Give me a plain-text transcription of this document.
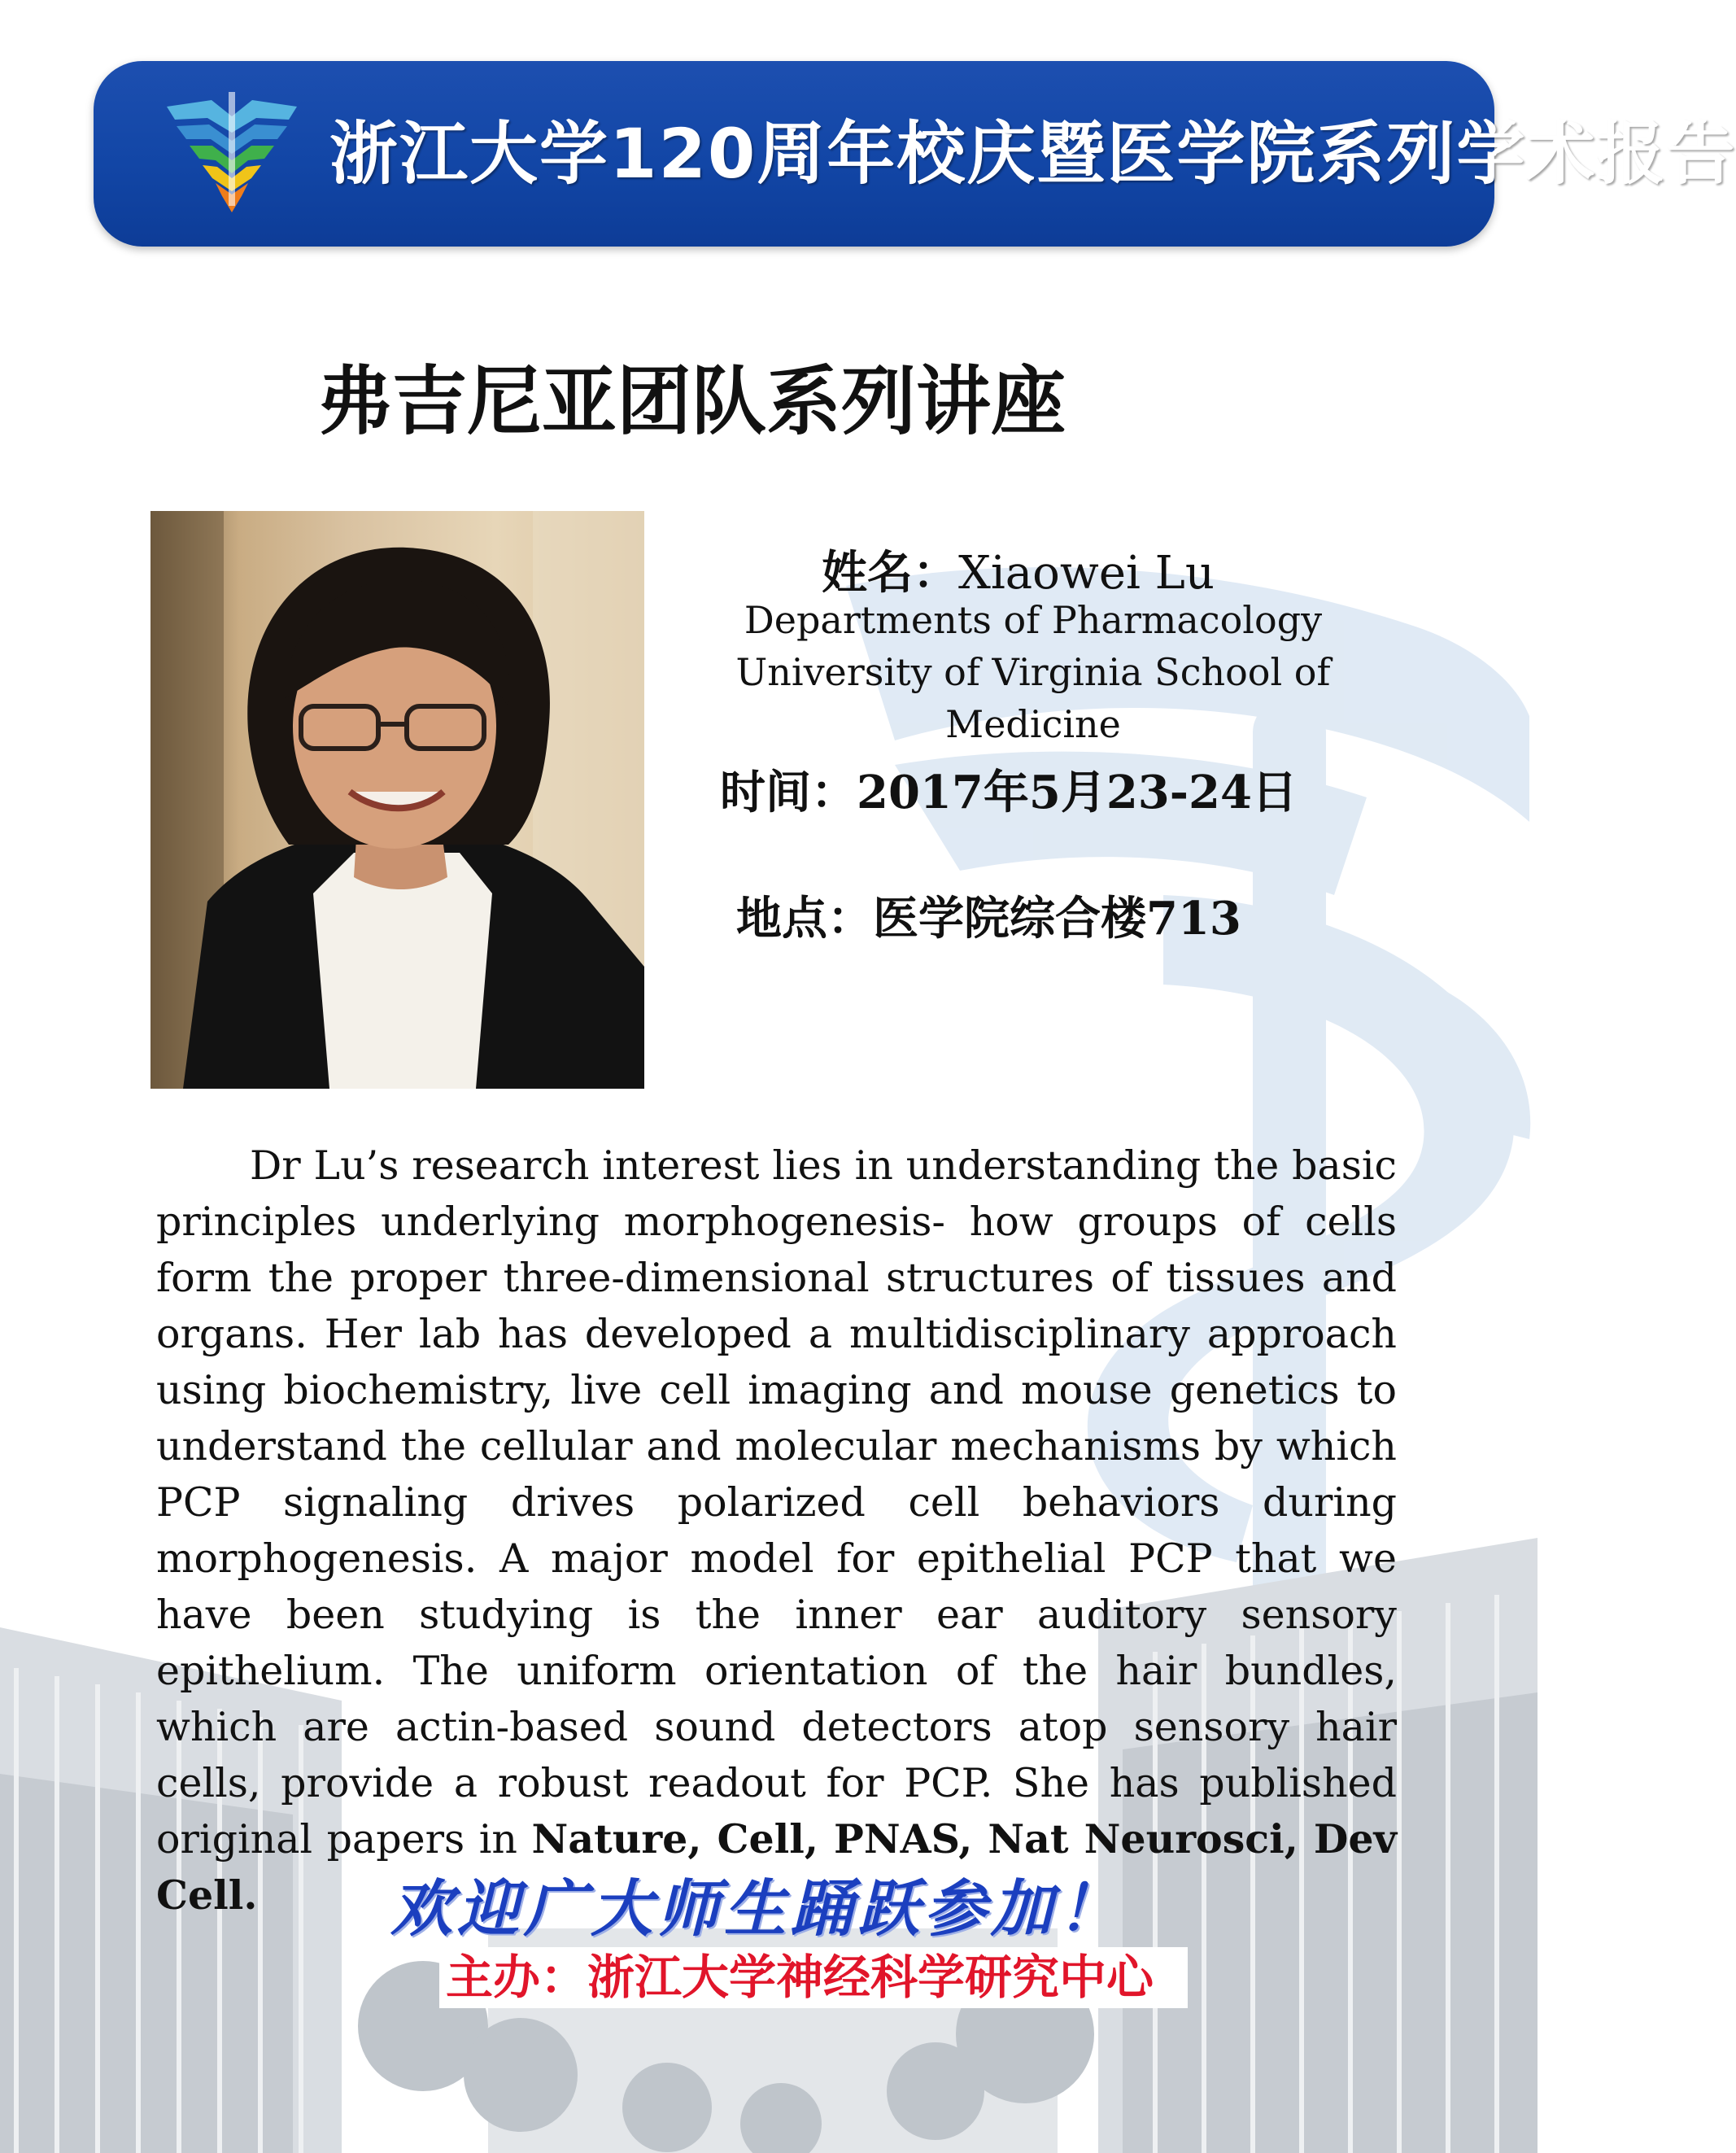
浙江大学120周年校庆暨医学院系列学术报告
弗吉尼亚团队系列讲座
姓名：Xiaowei Lu
Departments of Pharmacology
University of Virginia School of Medicine
时间：2017年5月23-24日
地点：医学院综合楼713
Dr Lu’s research interest lies in understanding the basic principles underlying morphogenesis- how groups of cells form the proper three-dimensional structures of tissues and organs. Her lab has developed a multidisciplinary approach using biochemistry, live cell imaging and mouse genetics to understand the cellular and molecular mechanisms by which PCP signaling drives polarized cell behaviors during morphogenesis. A major model for epithelial PCP that we have been studying is the inner ear auditory sensory epithelium. The uniform orientation of the hair bundles, which are actin-based sound detectors atop sensory hair cells, provide a robust readout for PCP. She has published original papers in Nature, Cell, PNAS, Nat Neurosci, Dev Cell.	欢迎广大师生踊跃参加！
主办：浙江大学神经科学研究中心
